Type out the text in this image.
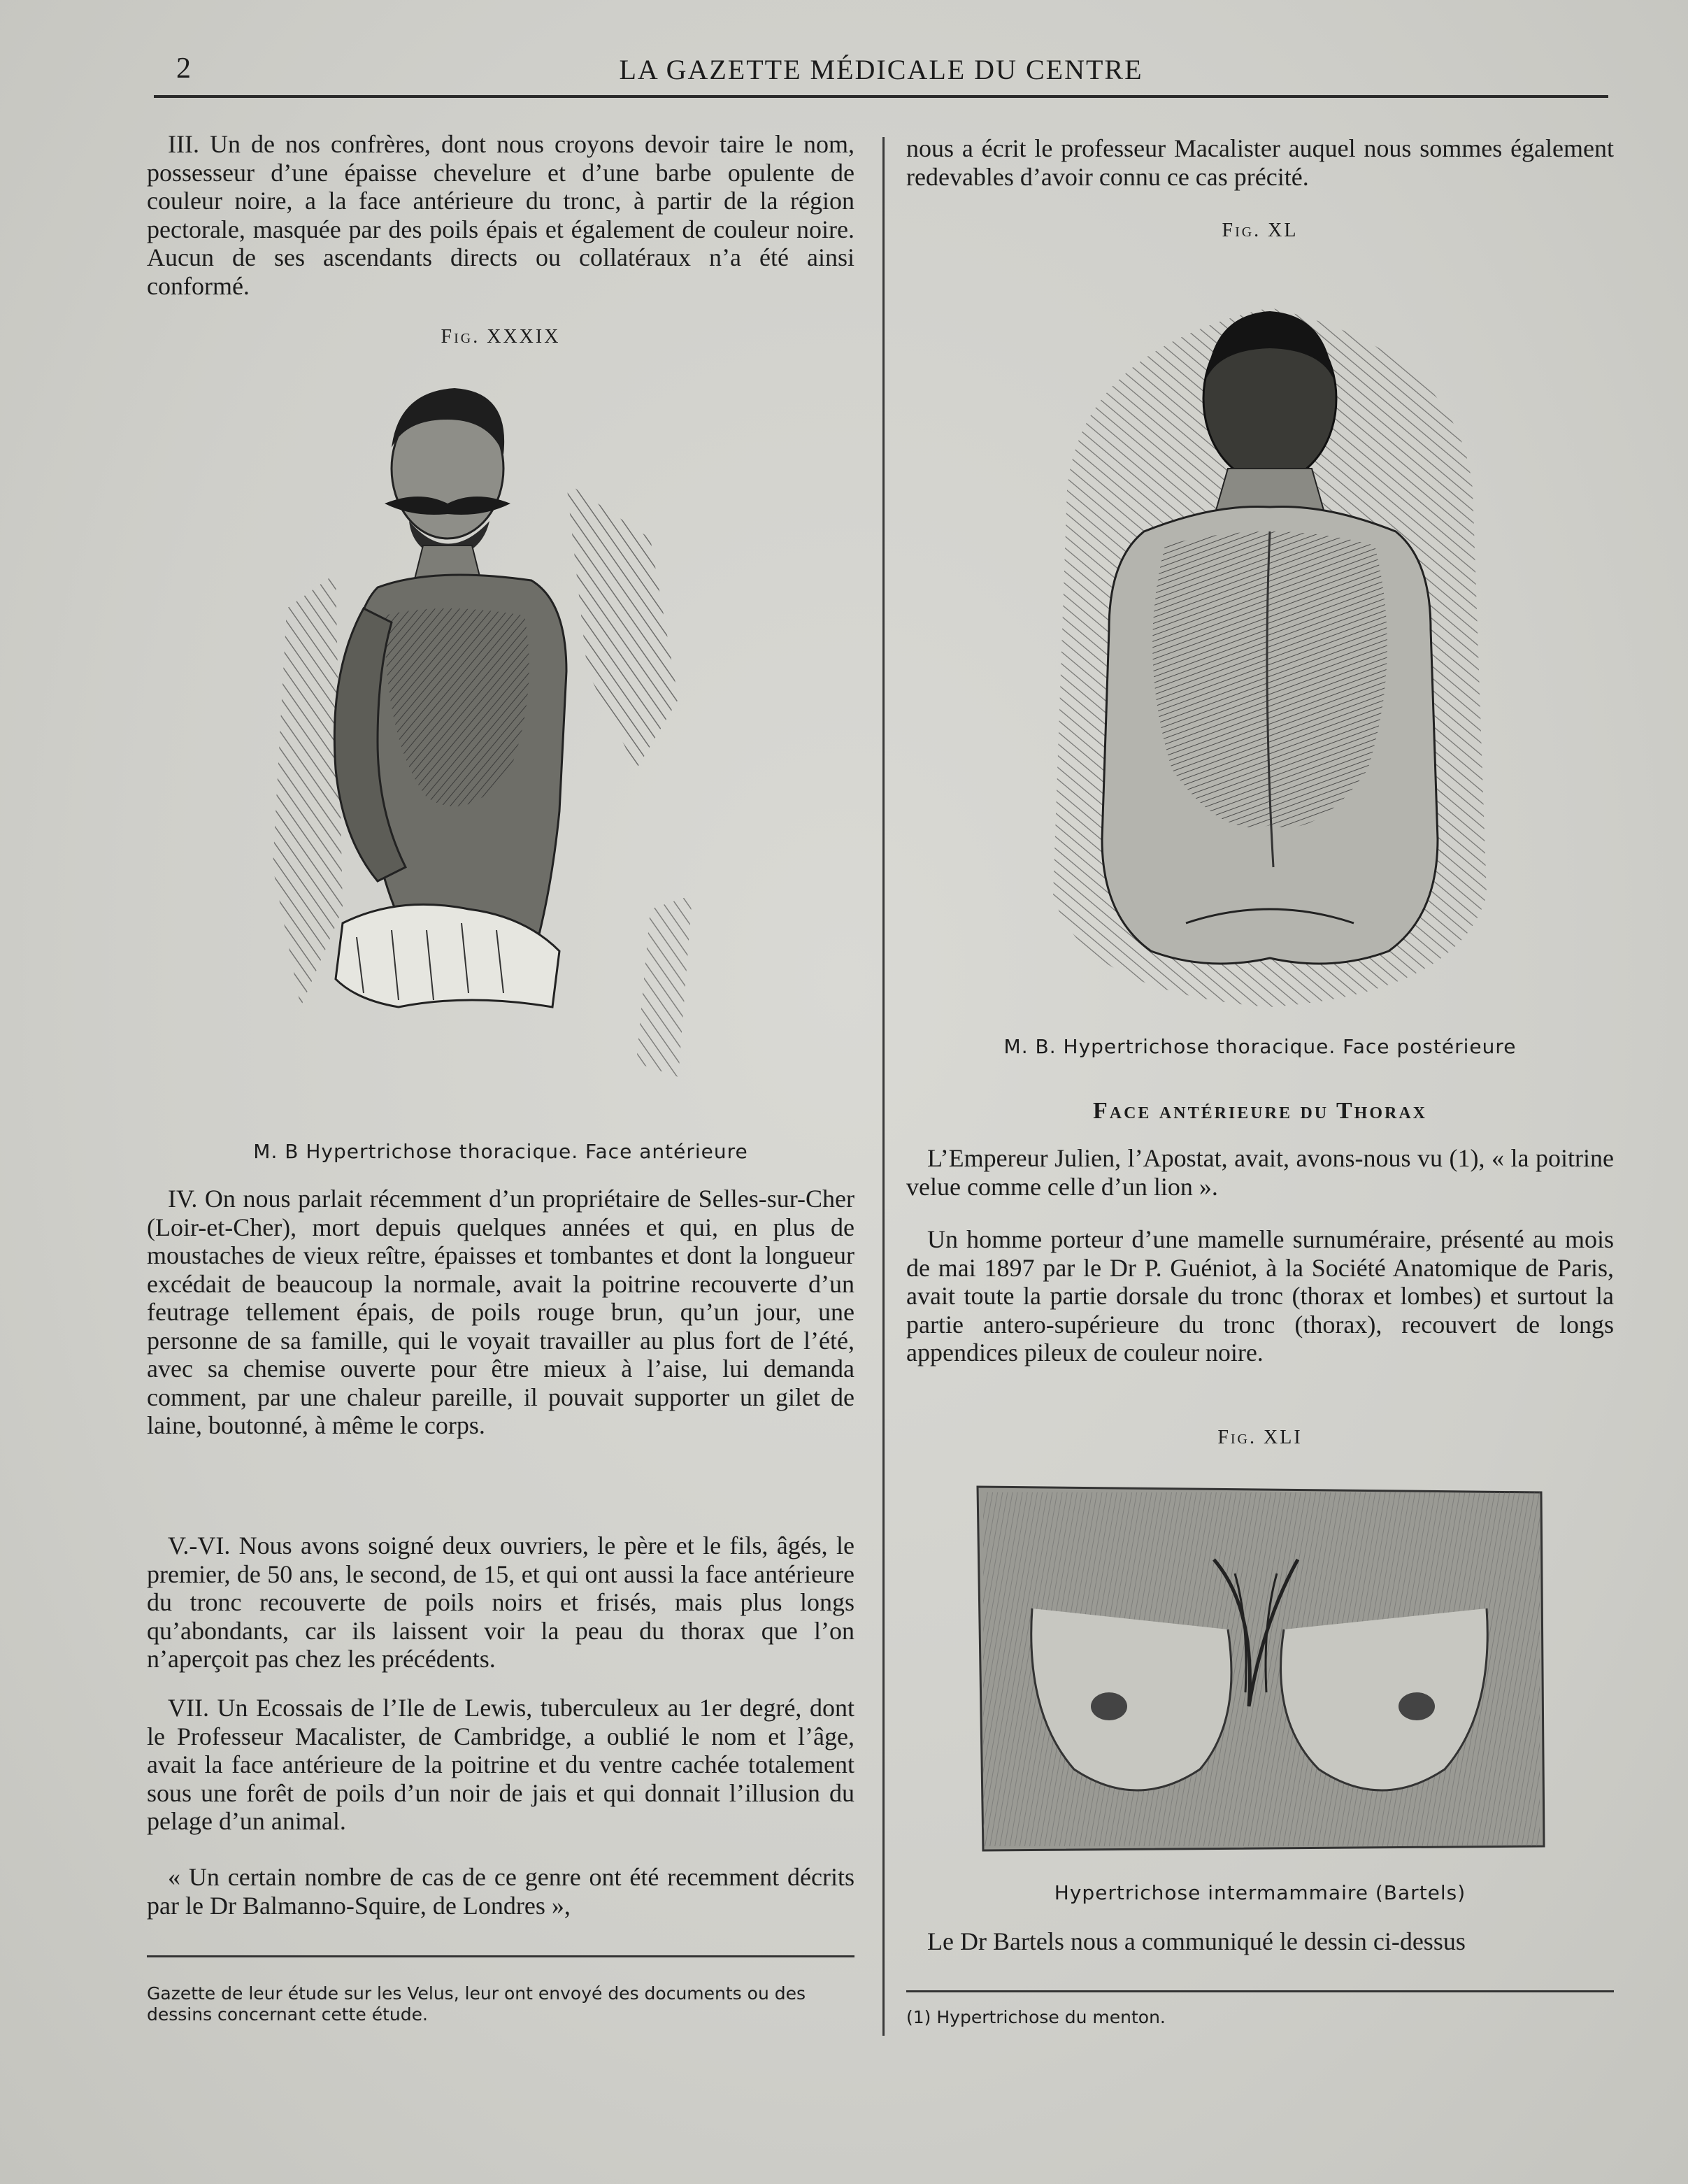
2	LA GAZETTE MÉDICALE DU CENTRE

III. Un de nos confrères, dont nous croyons devoir taire le nom, possesseur d’une épaisse chevelure et d’une barbe opulente de couleur noire, a la face antérieure du tronc, à partir de la région pectorale, masquée par des poils épais et également de couleur noire. Aucun de ses ascendants directs ou collatéraux n’a été ainsi conformé.

Fig. XXXIX
M. B Hypertrichose thoracique. Face antérieure

IV. On nous parlait récemment d’un propriétaire de Selles-sur-Cher (Loir-et-Cher), mort depuis quelques années et qui, en plus de moustaches de vieux reître, épaisses et tombantes et dont la longueur excédait de beaucoup la normale, avait la poitrine recouverte d’un feutrage tellement épais, de poils rouge brun, qu’un jour, une personne de sa famille, qui le voyait travailler au plus fort de l’été, avec sa chemise ouverte pour être mieux à l’aise, lui demanda comment, par une chaleur pareille, il pouvait supporter un gilet de laine, boutonné, à même le corps.

V.-VI. Nous avons soigné deux ouvriers, le père et le fils, âgés, le premier, de 50 ans, le second, de 15, et qui ont aussi la face antérieure du tronc recouverte de poils noirs et frisés, mais plus longs qu’abondants, car ils laissent voir la peau du thorax que l’on n’aperçoit pas chez les précédents.

VII. Un Ecossais de l’Ile de Lewis, tuberculeux au 1er degré, dont le Professeur Macalister, de Cambridge, a oublié le nom et l’âge, avait la face antérieure de la poitrine et du ventre cachée totalement sous une forêt de poils d’un noir de jais et qui donnait l’illusion du pelage d’un animal.

« Un certain nombre de cas de ce genre ont été recemment décrits par le Dr Balmanno-Squire, de Londres »,

Gazette de leur étude sur les Velus, leur ont envoyé des documents ou des dessins concernant cette étude.

nous a écrit le professeur Macalister auquel nous sommes également redevables d’avoir connu ce cas précité.

Fig. XL
M. B. Hypertrichose thoracique. Face postérieure
Face antérieure du Thorax

L’Empereur Julien, l’Apostat, avait, avons-nous vu (1), « la poitrine velue comme celle d’un lion ».

Un homme porteur d’une mamelle surnuméraire, présenté au mois de mai 1897 par le Dr P. Guéniot, à la Société Anatomique de Paris, avait toute la partie dorsale du tronc (thorax et lombes) et surtout la partie antero-supérieure du tronc (thorax), recouvert de longs appendices pileux de couleur noire.

Fig. XLI
Hypertrichose intermammaire (Bartels)

Le Dr Bartels nous a communiqué le dessin ci-dessus

(1) Hypertrichose du menton.
